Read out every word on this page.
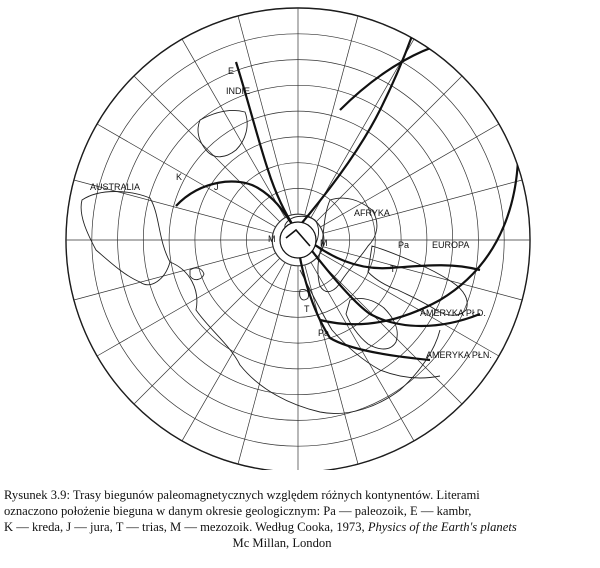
INDIE
AUSTRALIA
AFRYKA
EUROPA
AMERYKA PŁD.
AMERYKA PŁN.
E
K
J
M	M	Pa
T
T
Pa
Rysunek 3.9: Trasy biegunów paleomagnetycznych względem różnych kontynentów. Literami
oznaczono położenie bieguna w danym okresie geologicznym: Pa — paleozoik, E — kambr,
K — kreda, J — jura, T — trias, M — mezozoik. Według Cooka, 1973, Physics of the Earth's planets
Mc Millan, London
